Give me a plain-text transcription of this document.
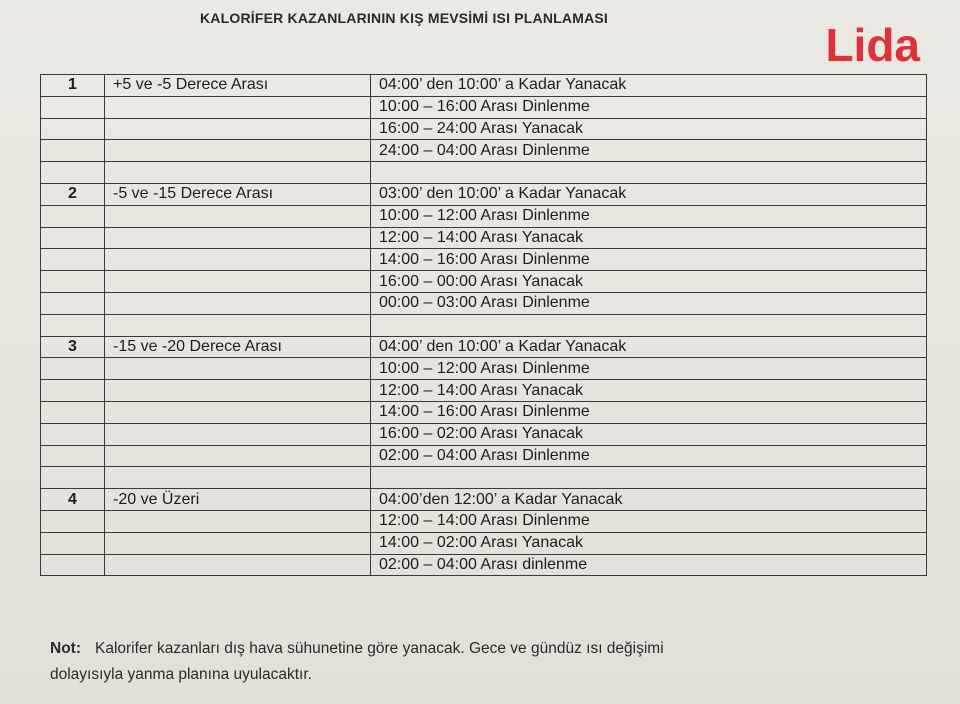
KALORİFER KAZANLARININ KIŞ MEVSİMİ ISI PLANLAMASI
Lida
1	+5 ve -5 Derece Arası	04:00’ den 10:00’ a Kadar Yanacak
		10:00 – 16:00 Arası Dinlenme
		16:00 – 24:00 Arası Yanacak
		24:00 – 04:00 Arası Dinlenme

2	-5 ve -15 Derece Arası	03:00’ den 10:00’ a Kadar Yanacak
		10:00 – 12:00 Arası Dinlenme
		12:00 – 14:00 Arası Yanacak
		14:00 – 16:00 Arası Dinlenme
		16:00 – 00:00 Arası Yanacak
		00:00 – 03:00 Arası Dinlenme

3	-15 ve -20 Derece Arası	04:00’ den 10:00’ a Kadar Yanacak
		10:00 – 12:00 Arası Dinlenme
		12:00 – 14:00 Arası Yanacak
		14:00 – 16:00 Arası Dinlenme
		16:00 – 02:00 Arası Yanacak
		02:00 – 04:00 Arası Dinlenme

4	-20 ve Üzeri	04:00’den 12:00’ a Kadar Yanacak
		12:00 – 14:00 Arası Dinlenme
		14:00 – 02:00 Arası Yanacak
		02:00 – 04:00 Arası dinlenme
Not: Kalorifer kazanları dış hava sühunetine göre yanacak. Gece ve gündüz ısı değişimi
dolayısıyla yanma planına uyulacaktır.
